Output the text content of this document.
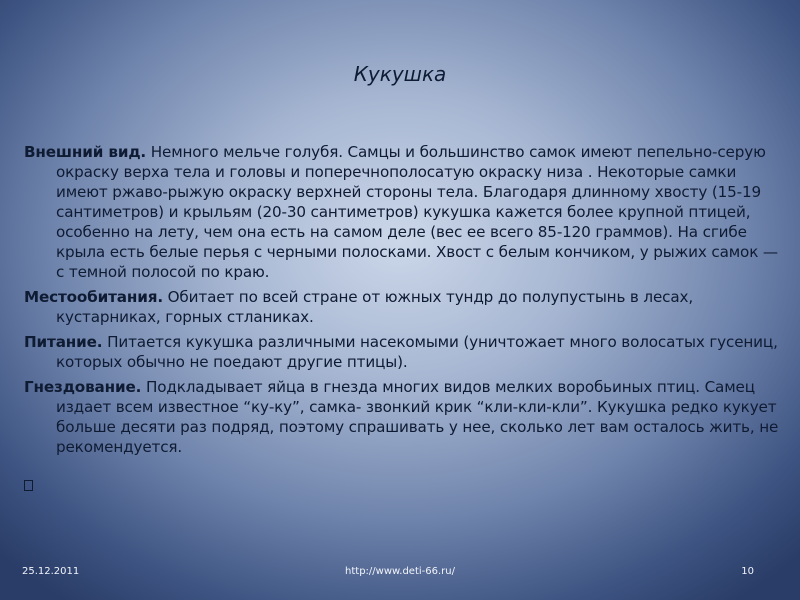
Кукушка

Внешний вид. Немного мельче голубя. Самцы и большинство самок имеют пепельно-серую окраску верха тела и головы и поперечнополосатую окраску низа . Некоторые самки имеют ржаво-рыжую окраску верхней стороны тела. Благодаря длинному хвосту (15-19 сантиметров) и крыльям (20-30 сантиметров) кукушка кажется более крупной птицей, особенно на лету, чем она есть на самом деле (вес ее всего 85-120 граммов). На сгибе крыла есть белые перья с черными полосками. Хвост с белым кончиком, у рыжих самок — с темной полосой по краю.

Местообитания. Обитает по всей стране от южных тундр до полупустынь в лесах, кустарниках, горных стланиках.

Питание. Питается кукушка различными насекомыми (уничтожает много волосатых гусениц, которых обычно не поедают другие птицы).

Гнездование. Подкладывает яйца в гнезда многих видов мелких воробьиных птиц. Самец издает всем известное “ку-ку”, самка- звонкий крик “кли-кли-кли”. Кукушка редко кукует больше десяти раз подряд, поэтому спрашивать у нее, сколько лет вам осталось жить, не рекомендуется.

25.12.2011	http://www.deti-66.ru/	10
